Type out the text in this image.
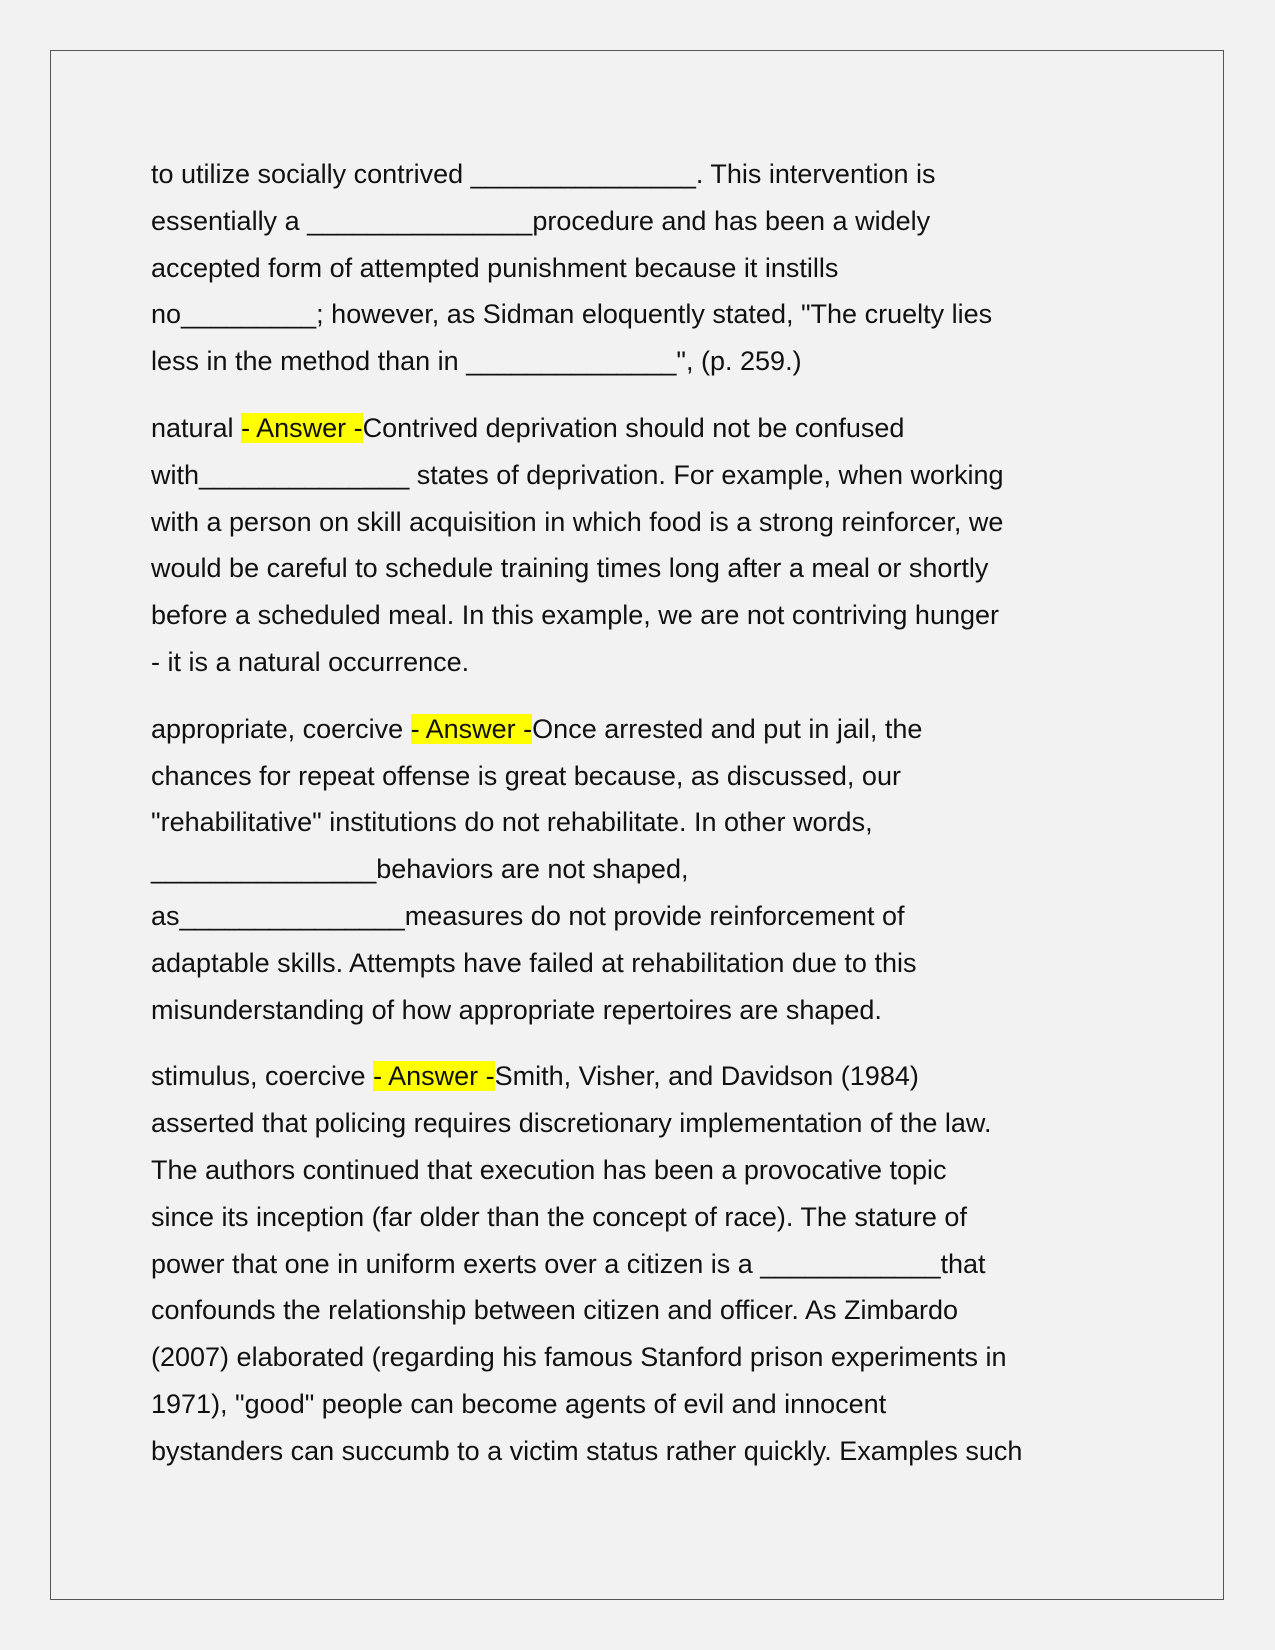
to utilize socially contrived _______________. This intervention is
essentially a _______________procedure and has been a widely
accepted form of attempted punishment because it instills
no_________; however, as Sidman eloquently stated, "The cruelty lies
less in the method than in ______________", (p. 259.)

natural - Answer -Contrived deprivation should not be confused
with______________ states of deprivation. For example, when working
with a person on skill acquisition in which food is a strong reinforcer, we
would be careful to schedule training times long after a meal or shortly
before a scheduled meal. In this example, we are not contriving hunger
- it is a natural occurrence.

appropriate, coercive - Answer -Once arrested and put in jail, the
chances for repeat offense is great because, as discussed, our
"rehabilitative" institutions do not rehabilitate. In other words,
_______________behaviors are not shaped,
as_______________measures do not provide reinforcement of
adaptable skills. Attempts have failed at rehabilitation due to this
misunderstanding of how appropriate repertoires are shaped.

stimulus, coercive - Answer -Smith, Visher, and Davidson (1984)
asserted that policing requires discretionary implementation of the law.
The authors continued that execution has been a provocative topic
since its inception (far older than the concept of race). The stature of
power that one in uniform exerts over a citizen is a ____________that
confounds the relationship between citizen and officer. As Zimbardo
(2007) elaborated (regarding his famous Stanford prison experiments in
1971), "good" people can become agents of evil and innocent
bystanders can succumb to a victim status rather quickly. Examples such
